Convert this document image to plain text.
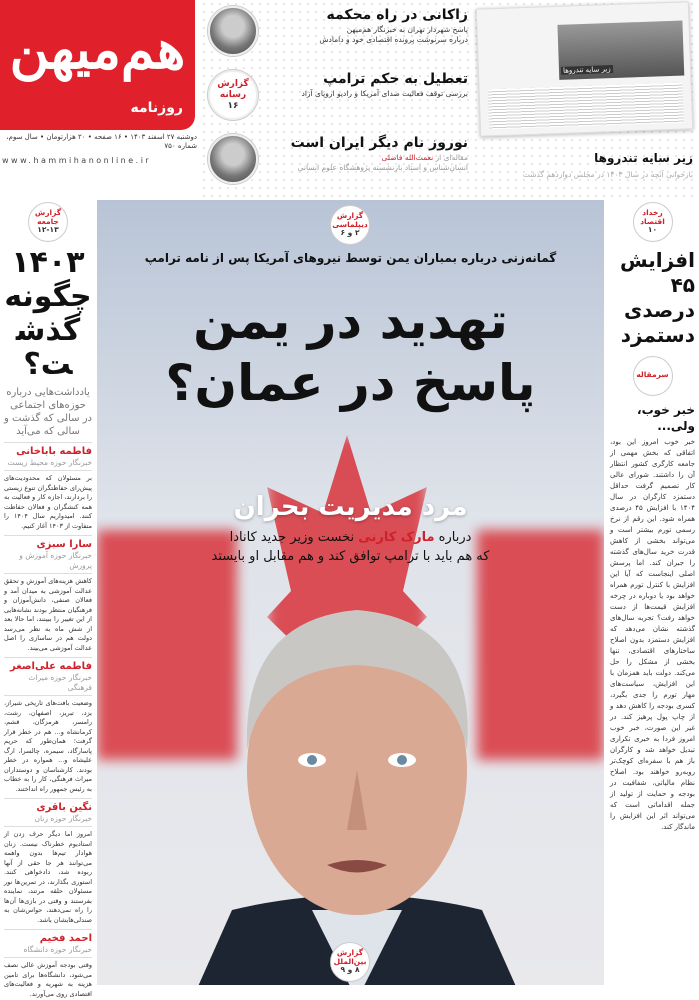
هم‌میهن
روزنامه
دوشنبه ۲۷ اسفند ۱۴۰۳ • ۱۶ صفحه • ۲۰ هزارتومان • سال سوم، شماره ۷۵۰
www.hammihanonline.ir
زاکانی در راه محکمه

پاسخ شهردار تهران به خبرنگار هم‌میهن

درباره سرنوشت پرونده اقتصادی خود و دامادش

گزارش
رسانه
۱۶
تعطیل به حکم ترامپ

بررسی توقف فعالیت صدای آمریکا و رادیو اروپای آزاد

نوروز نام دیگر ایران است

مقاله‌ای از نعمت‌الله فاضلی

انسان‌شناس و استاد بازنشسته پژوهشگاه علوم انسانی

زیر سایه تندروها
زیر سایه تندروها
بازخوانی آنچه در سال ۱۴۰۳ در مجلس دوازدهم گذشت
گزارش
دیپلماسی
۲ و ۶
گمانه‌زنی درباره بمباران یمن توسط نیروهای آمریکا پس از نامه ترامپ
تهدید در یمن
پاسخ در عمان؟
مرد مدیریت بحران
درباره مارک کارنی نخست وزیر جدید کانادا
که هم باید با ترامپ توافق کند و هم مقابل او بایستد
گزارش
بین‌الملل
۸ و ۹
گزارش
جامعه
۱۲-۱۳
۱۴۰۳
چگونه
گذشت؟
یادداشت‌هایی درباره حوزه‌های اجتماعی در سالی که گذشت و سالی که می‌آید
فاطمه باباخانی
خبرنگار حوزه محیط زیست
بر مسئولان که محدودیت‌های پیش‌رای حفاظتگران تنوع زیستی را بردارند، اجازه کار و فعالیت به همه کنشگران و فعالان حفاظت کنند. امیدواریم سال ۱۴۰۴ را متفاوت از ۱۴۰۳ آغاز کنیم.
سارا سبزی
خبرنگار حوزه آموزش و پرورش
کاهش هزینه‌های آموزش و تحقق عدالت آموزشی به میدان آمد و فعالان صنفی، دانش‌آموزان و فرهنگیان منتظر بودند نشانه‌هایی از این تغییر را ببینند، اما حالا بعد از شش ماه به نظر می‌رسد دولت هم در ساسازی را اصل عدالت آموزشی می‌بیند.
فاطمه علی‌اصغر
خبرنگار حوزه میراث فرهنگی
وضعیت بافت‌های تاریخی شیراز، یزد، تبریز، اصفهان، رشت، رامسر، هرمزگان، قشم، کرمانشاه و... هم در خطر قرار گرفت؛ همان‌طور که حریم پاسارگاد، سیمره، چالسرا، ارگ علیشاه و... همواره در خطر بودند. کارشناسان و دوستداران میراث فرهنگی، کار را به خطاب به رئیس جمهور راه انداختند.
نگین باقری
خبرنگار حوزه زنان
امروز اما دیگر حرف زدن از استادیوم خطرناک نیست. زنان هوادار تیم‌ها بدون واهمه می‌توانند هر جا حقی از آنها ربوده شد، دادخواهی کنند. استوری بگذارند، در تمرین‌ها نور مسئولان حلقه مرتند، نماینده بفرستند و وقتی در بازی‌ها آن‌ها را راه نمی‌دهند، حواس‌شان به صندلی‌هایشان باشد.
احمد فخیم
خبرنگار حوزه دانشگاه
وقتی بودجه آموزش عالی نصف می‌شود، دانشگاه‌ها برای تامین هزینه به شهریه و فعالیت‌های اقتصادی روی می‌آورند.
رخداد
اقتصاد
۱۰
افزایش
۴۵ درصدی
دستمزد
سرمقاله
خبر خوب، ولی...
خبر خوب امروز این بود، اتفاقی که بخش مهمی از جامعه کارگری کشور انتظار آن را داشتند. شورای عالی کار تصمیم گرفت حداقل دستمزد کارگران در سال ۱۴۰۴ با افزایش ۴۵ درصدی همراه شود. این رقم از نرخ رسمی تورم بیشتر است و می‌تواند بخشی از کاهش قدرت خرید سال‌های گذشته را جبران کند. اما پرسش اصلی اینجاست که آیا این افزایش با کنترل تورم همراه خواهد بود یا دوباره در چرخه افزایش قیمت‌ها از دست خواهد رفت؟ تجربه سال‌های گذشته نشان می‌دهد که افزایش دستمزد بدون اصلاح ساختارهای اقتصادی، تنها بخشی از مشکل را حل می‌کند. دولت باید همزمان با این افزایش، سیاست‌های مهار تورم را جدی بگیرد، کسری بودجه را کاهش دهد و از چاپ پول پرهیز کند. در غیر این صورت، خبر خوب امروز فردا به خبری تکراری تبدیل خواهد شد و کارگران باز هم با سفره‌ای کوچک‌تر روبه‌رو خواهند بود. اصلاح نظام مالیاتی، شفافیت در بودجه و حمایت از تولید از جمله اقداماتی است که می‌تواند اثر این افزایش را ماندگار کند.
